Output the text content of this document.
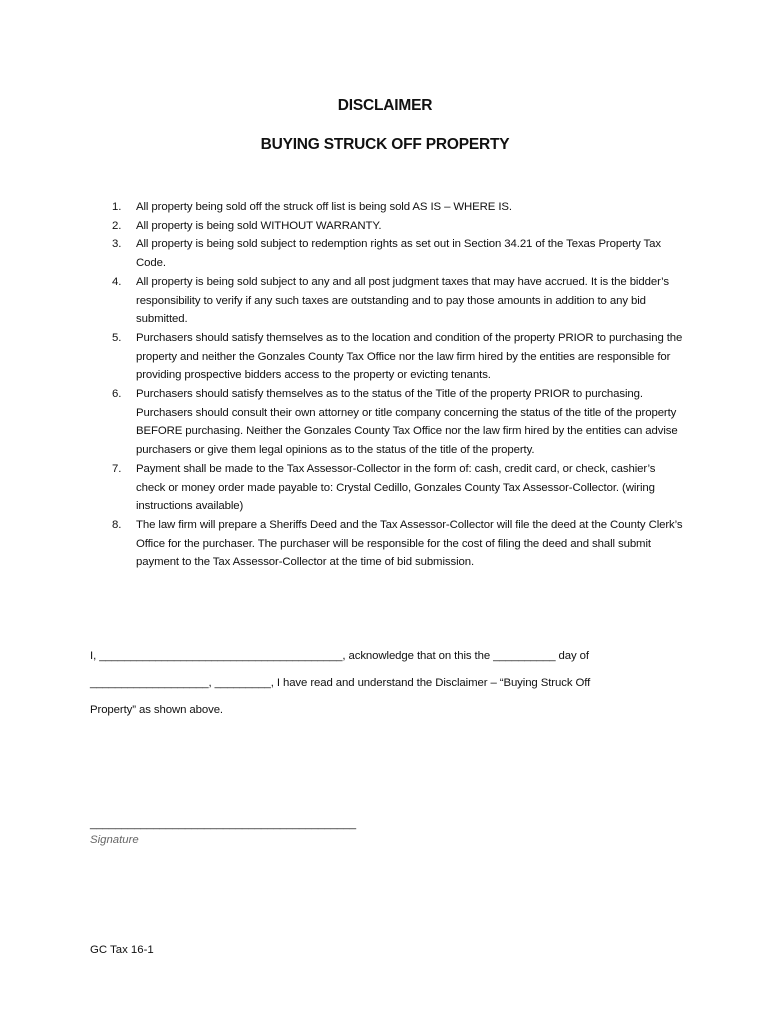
DISCLAIMER
BUYING STRUCK OFF PROPERTY
1. All property being sold off the struck off list is being sold AS IS – WHERE IS.
2. All property is being sold WITHOUT WARRANTY.
3. All property is being sold subject to redemption rights as set out in Section 34.21 of the Texas Property Tax Code.
4. All property is being sold subject to any and all post judgment taxes that may have accrued. It is the bidder’s responsibility to verify if any such taxes are outstanding and to pay those amounts in addition to any bid submitted.
5. Purchasers should satisfy themselves as to the location and condition of the property PRIOR to purchasing the property and neither the Gonzales County Tax Office nor the law firm hired by the entities are responsible for providing prospective bidders access to the property or evicting tenants.
6. Purchasers should satisfy themselves as to the status of the Title of the property PRIOR to purchasing. Purchasers should consult their own attorney or title company concerning the status of the title of the property BEFORE purchasing. Neither the Gonzales County Tax Office nor the law firm hired by the entities can advise purchasers or give them legal opinions as to the status of the title of the property.
7. Payment shall be made to the Tax Assessor-Collector in the form of: cash, credit card, or check, cashier’s check or money order made payable to: Crystal Cedillo, Gonzales County Tax Assessor-Collector. (wiring instructions available)
8. The law firm will prepare a Sheriffs Deed and the Tax Assessor-Collector will file the deed at the County Clerk’s Office for the purchaser. The purchaser will be responsible for the cost of filing the deed and shall submit payment to the Tax Assessor-Collector at the time of bid submission.
I, _______________________________________, acknowledge that on this the __________ day of
___________________, _________, I have read and understand the Disclaimer – “Buying Struck Off
Property” as shown above.
__________________________________________
Signature
GC Tax 16-1
